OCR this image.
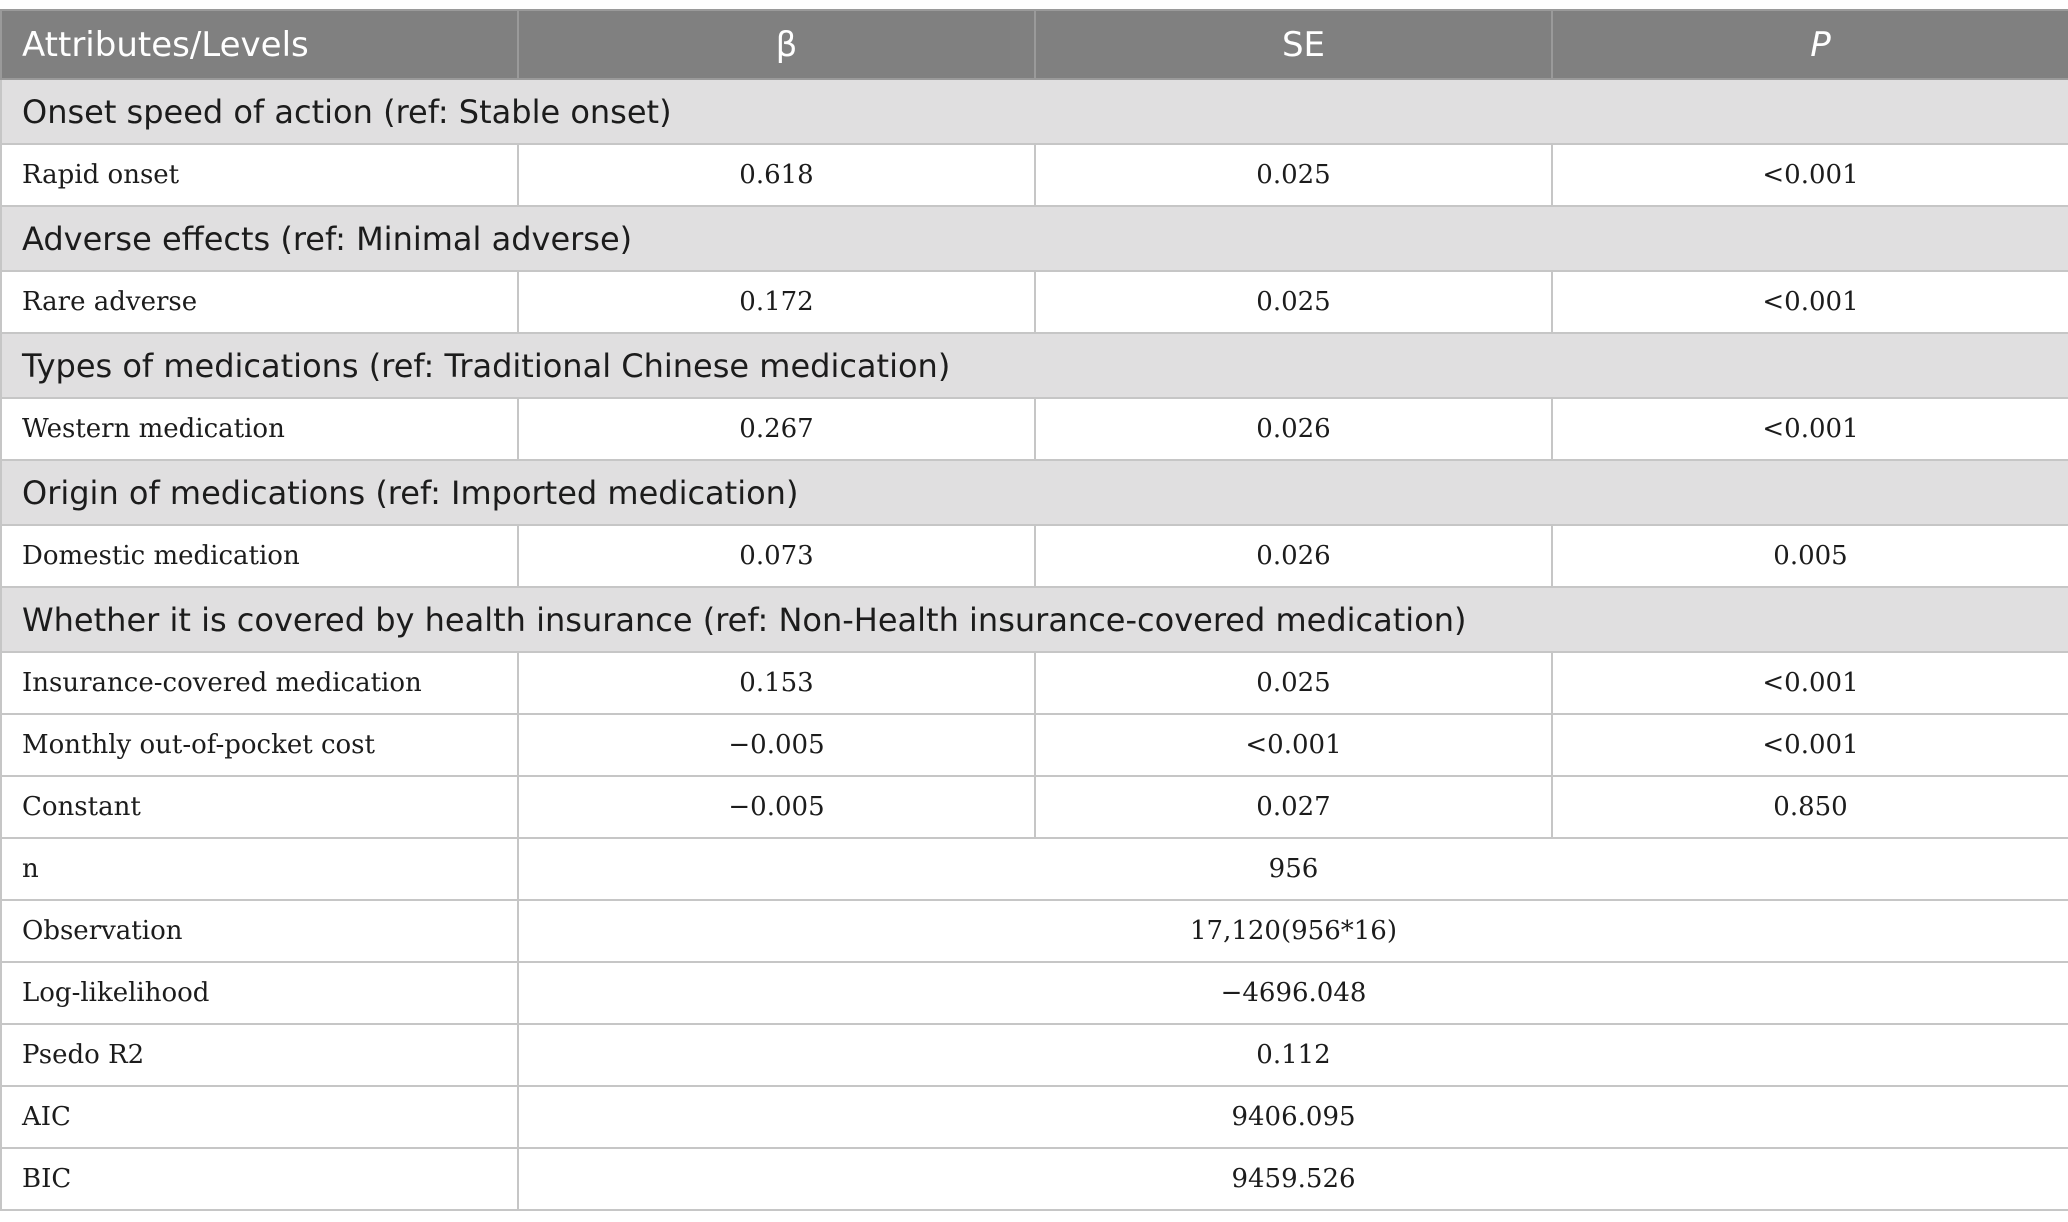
Attributes/Levels	β	SE	P
Onset speed of action (ref: Stable onset)			
Rapid onset	0.618	0.025	<0.001
Adverse effects (ref: Minimal adverse)			
Rare adverse	0.172	0.025	<0.001
Types of medications (ref: Traditional Chinese medication)			
Western medication	0.267	0.026	<0.001
Origin of medications (ref: Imported medication)			
Domestic medication	0.073	0.026	0.005
Whether it is covered by health insurance (ref: Non-Health insurance-covered medication)			
Insurance-covered medication	0.153	0.025	<0.001
Monthly out-of-pocket cost	−0.005	<0.001	<0.001
Constant	−0.005	0.027	0.850
n	956		
Observation	17,120(956*16)		
Log-likelihood	−4696.048		
Psedo R2	0.112		
AIC	9406.095		
BIC	9459.526		
